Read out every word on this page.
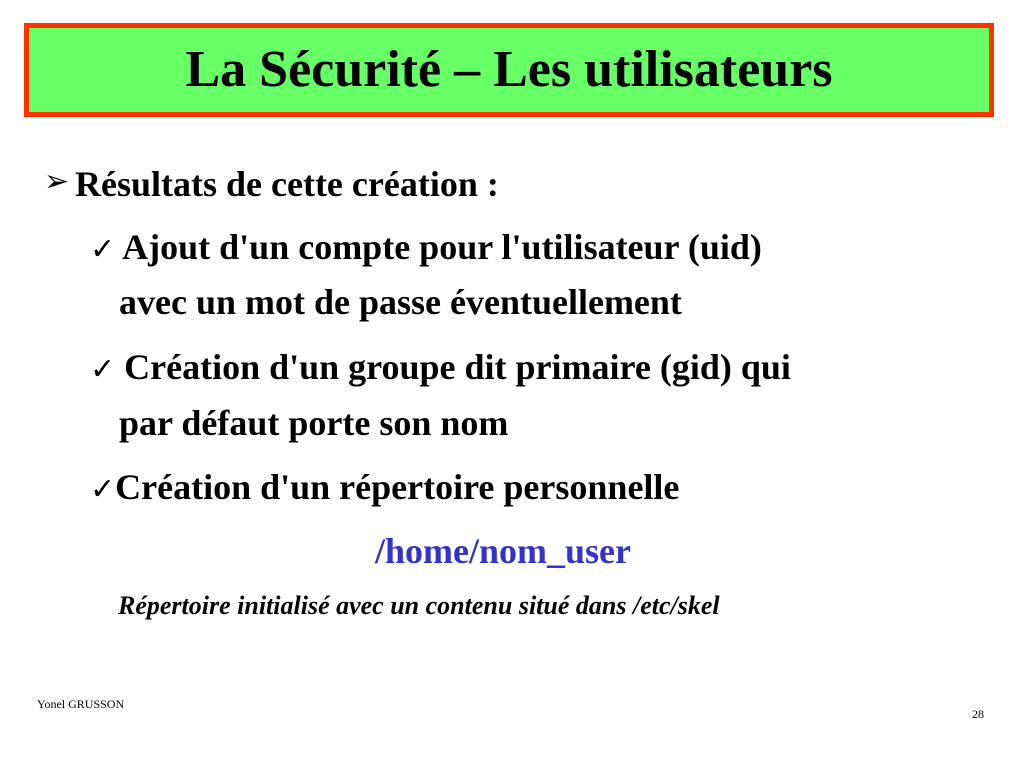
La Sécurité – Les utilisateurs
➢ Résultats de cette création :
✓ Ajout d'un compte pour l'utilisateur (uid)
avec un mot de passe éventuellement
✓ Création d'un groupe dit primaire (gid) qui
par défaut porte son nom
✓Création d'un répertoire personnelle
/home/nom_user
Répertoire initialisé avec un contenu situé dans /etc/skel
Yonel GRUSSON
28
